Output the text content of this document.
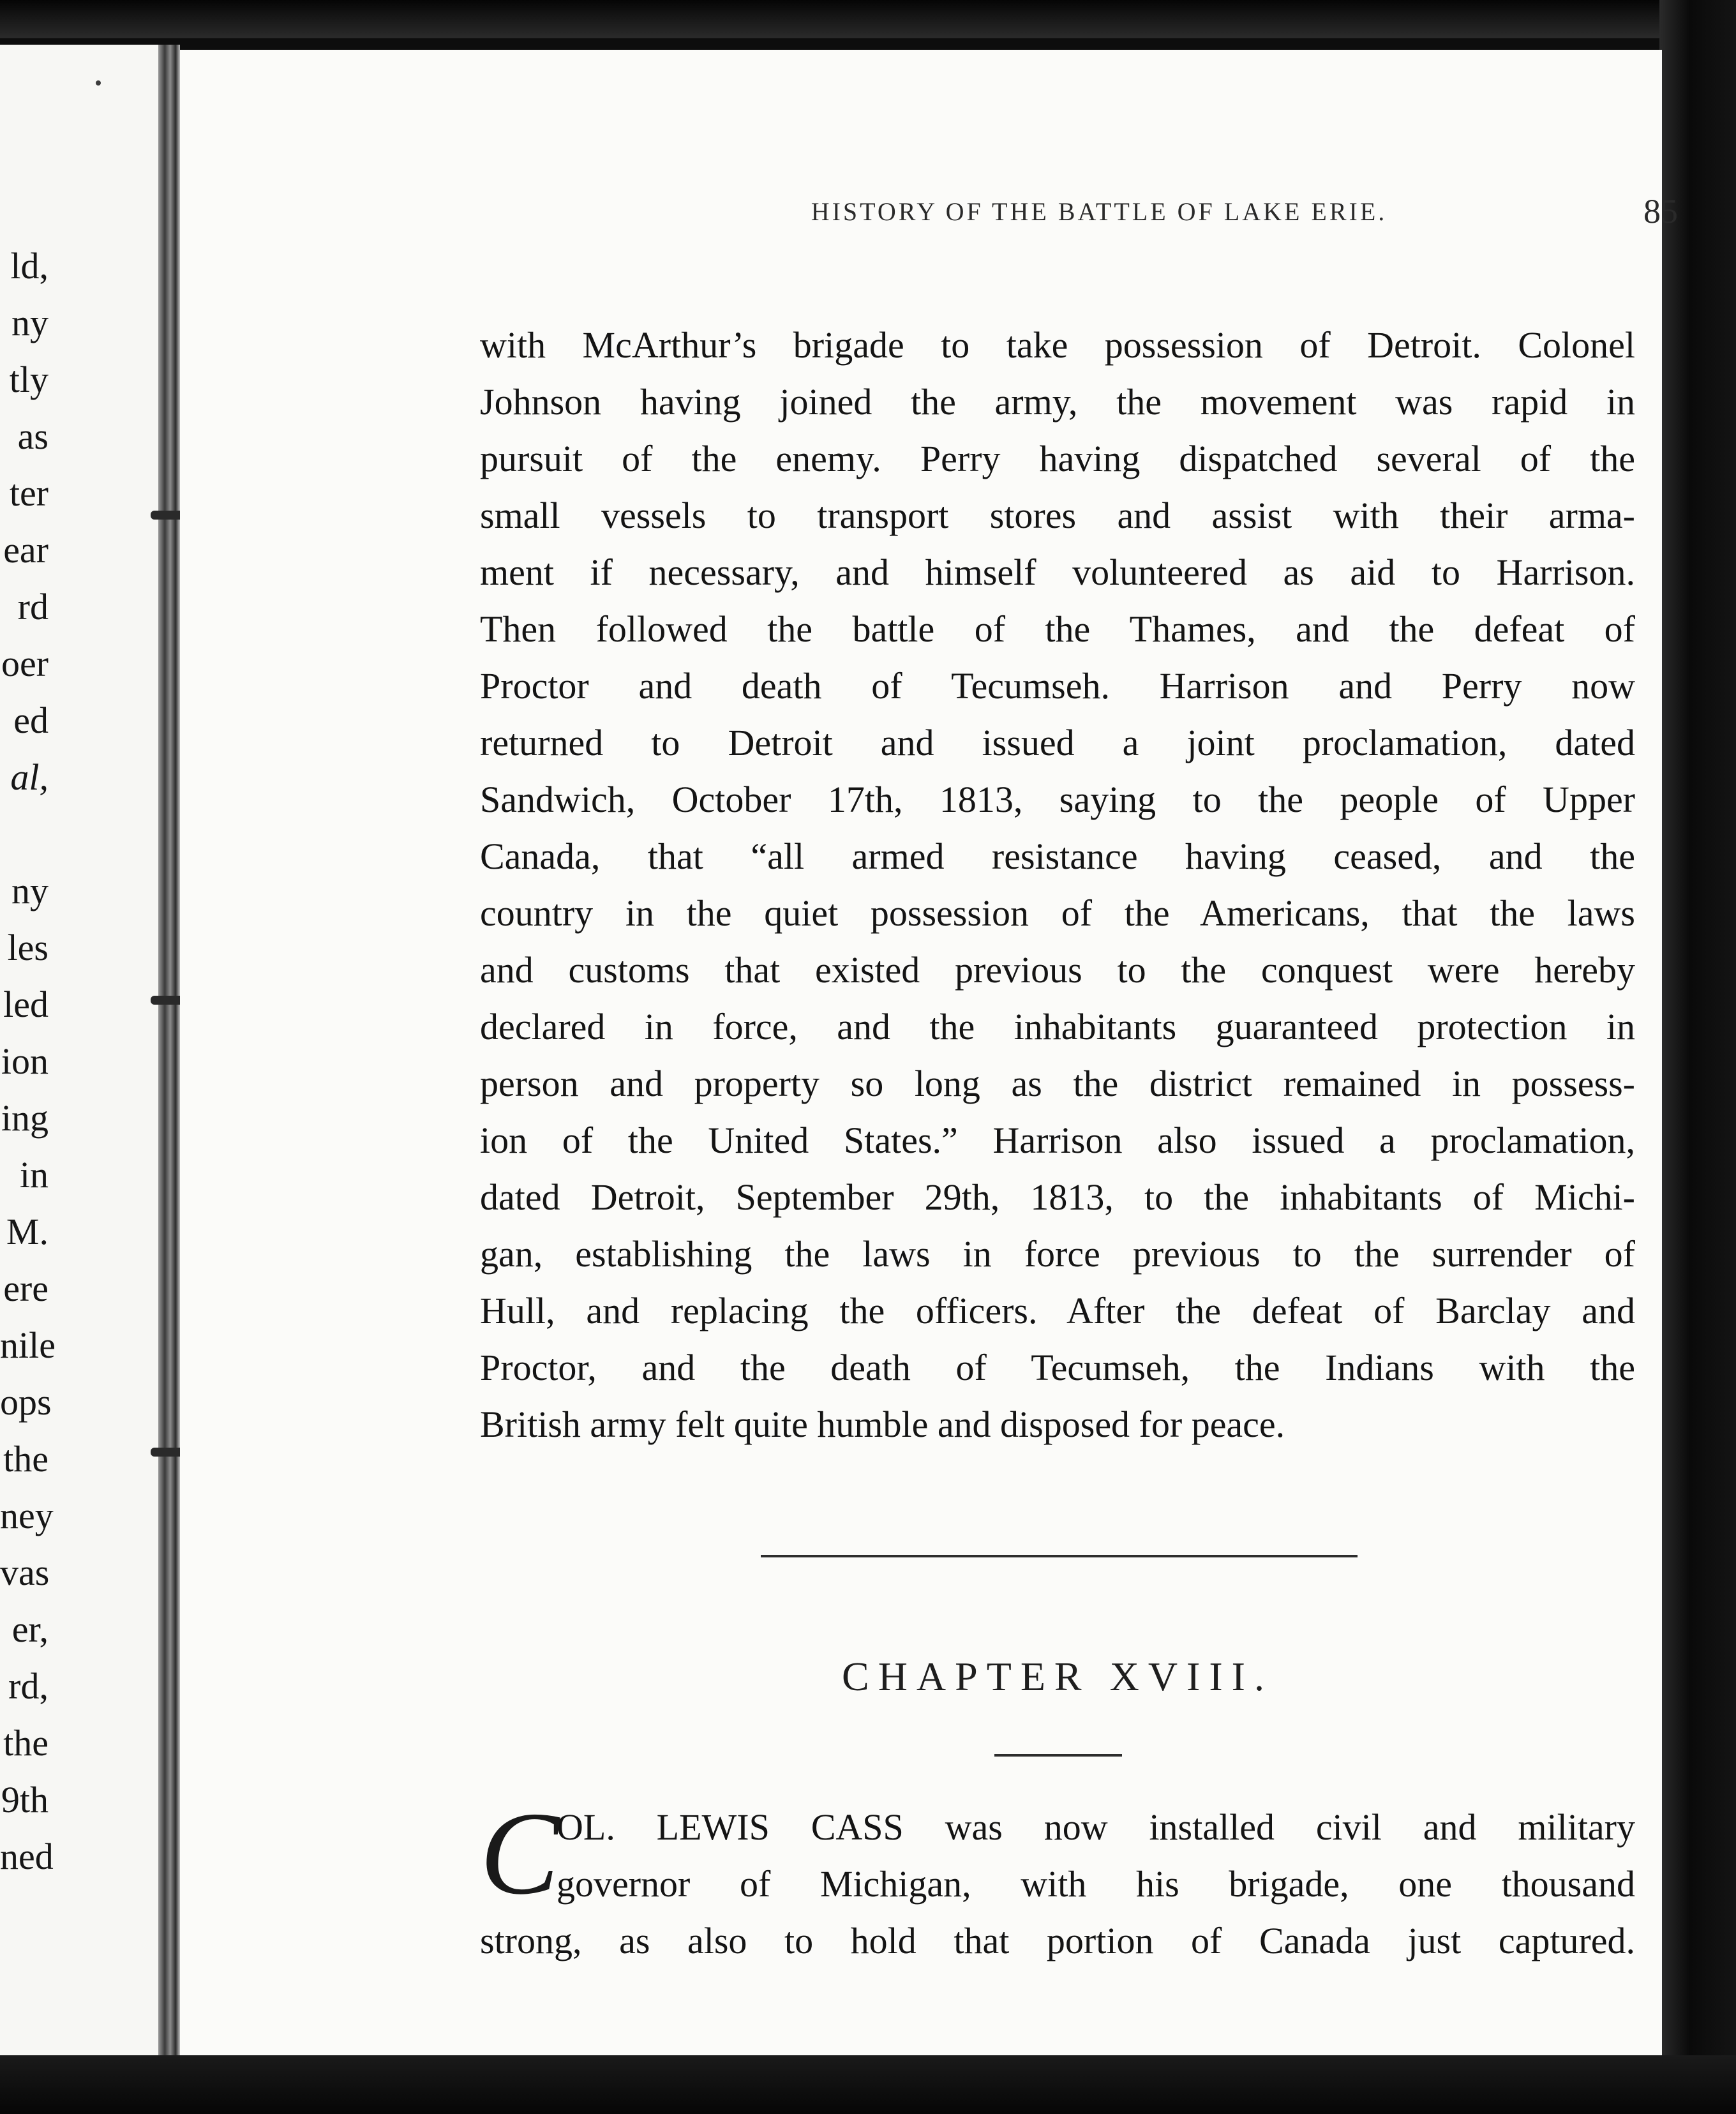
ld,
ny
tly
as
ter
ear
rd
oer
ed
al,
ny
les
led
ion
ing
in
M.
ere
nile
ops
the
ney
vas
er,
rd,
the
9th
ned
HISTORY OF THE BATTLE OF LAKE ERIE.	85
with McArthur’s brigade to take possession of Detroit. Colonel
Johnson having joined the army, the movement was rapid in
pursuit of the enemy. Perry having dispatched several of the
small vessels to transport stores and assist with their arma-
ment if necessary, and himself volunteered as aid to Harrison.
Then followed the battle of the Thames, and the defeat of
Proctor and death of Tecumseh. Harrison and Perry now
returned to Detroit and issued a joint proclamation, dated
Sandwich, October 17th, 1813, saying to the people of Upper
Canada, that “all armed resistance having ceased, and the
country in the quiet possession of the Americans, that the laws
and customs that existed previous to the conquest were hereby
declared in force, and the inhabitants guaranteed protection in
person and property so long as the district remained in possess-
ion of the United States.” Harrison also issued a proclamation,
dated Detroit, September 29th, 1813, to the inhabitants of Michi-
gan, establishing the laws in force previous to the surrender of
Hull, and replacing the officers. After the defeat of Barclay and
Proctor, and the death of Tecumseh, the Indians with the
British army felt quite humble and disposed for peace.
CHAPTER XVIII.
C
OL. LEWIS CASS was now installed civil and military
governor of Michigan, with his brigade, one thousand
strong, as also to hold that portion of Canada just captured.
